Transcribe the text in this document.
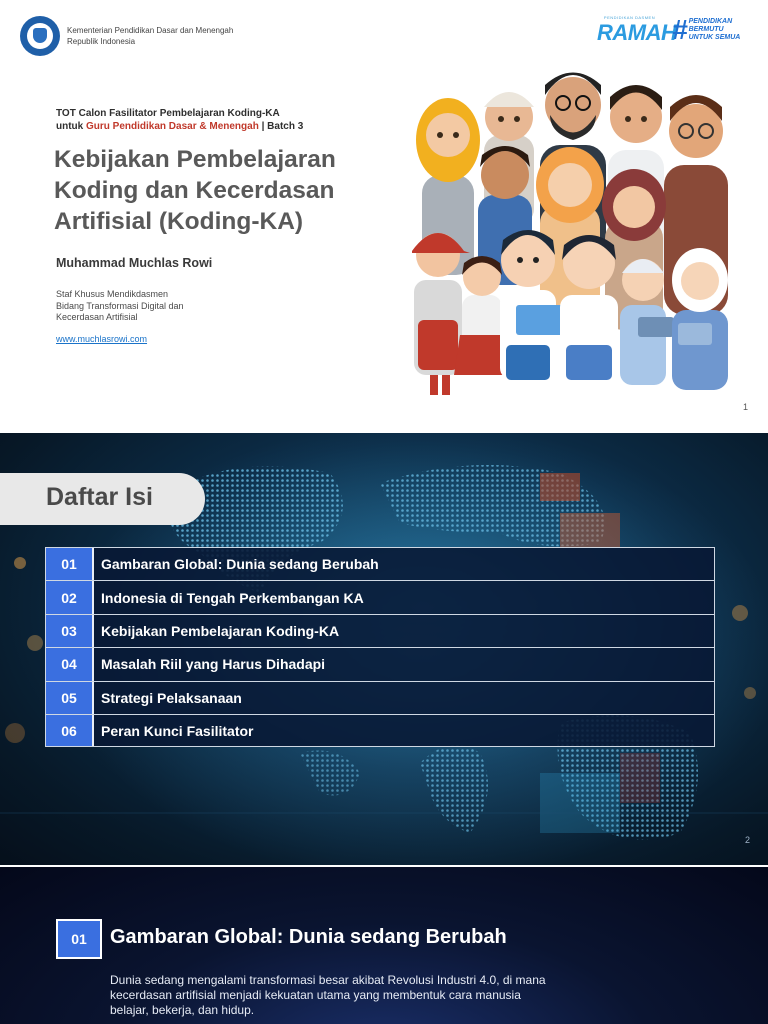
Kementerian Pendidikan Dasar dan Menengah Republik Indonesia
PENDIDIKAN DASMEN
RAMAH
# PENDIDIKAN
BERMUTU
UNTUK SEMUA
TOT Calon Fasilitator Pembelajaran Koding-KA
untuk Guru Pendidikan Dasar & Menengah | Batch 3
Kebijakan Pembelajaran Koding dan Kecerdasan Artifisial (Koding-KA)
Muhammad Muchlas Rowi
Staf Khusus Mendikdasmen
Bidang Transformasi Digital dan
Kecerdasan Artifisial
www.muchlasrowi.com
1
Daftar Isi
01	Gambaran Global: Dunia sedang Berubah
02	Indonesia di Tengah Perkembangan KA
03	Kebijakan Pembelajaran Koding-KA
04	Masalah Riil yang Harus Dihadapi
05	Strategi Pelaksanaan
06	Peran Kunci Fasilitator
2
01	Gambaran Global: Dunia sedang Berubah

Dunia sedang mengalami transformasi besar akibat Revolusi Industri 4.0, di mana kecerdasan artifisial menjadi kekuatan utama yang membentuk cara manusia belajar, bekerja, dan hidup.
